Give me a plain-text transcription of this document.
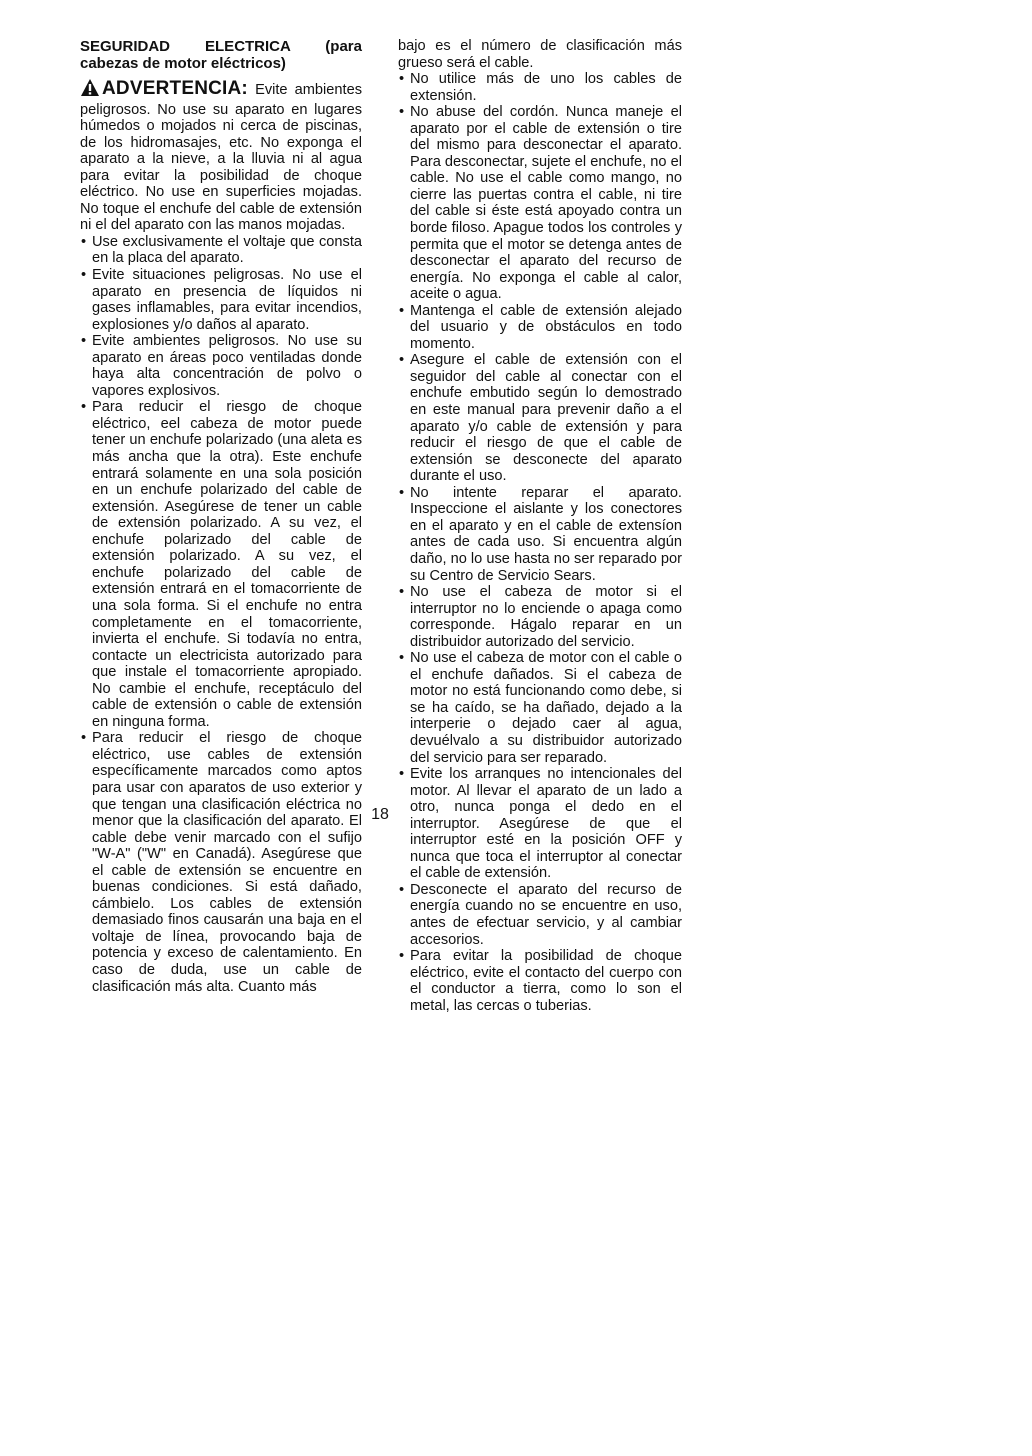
SEGURIDAD ELECTRICA (para cabezas de motor eléctricos)

ADVERTENCIA: Evite ambientes peligrosos. No use su aparato en lugares húmedos o mojados ni cerca de piscinas, de los hidromasajes, etc. No exponga el aparato a la nieve, a la lluvia ni al agua para evitar la posibilidad de choque eléctrico. No use en superficies mojadas. No toque el enchufe del cable de extensión ni el del aparato con las manos mojadas.

• Use exclusivamente el voltaje que consta en la placa del aparato.
• Evite situaciones peligrosas. No use el aparato en presencia de líquidos ni gases inflamables, para evitar incendios, explosiones y/o daños al aparato.
• Evite ambientes peligrosos. No use su aparato en áreas poco ventiladas donde haya alta concentración de polvo o vapores explosivos.
• Para reducir el riesgo de choque eléctrico, eel cabeza de motor puede tener un enchufe polarizado (una aleta es más ancha que la otra). Este enchufe entrará solamente en una sola posición en un enchufe polarizado del cable de extensión. Asegúrese de tener un cable de extensión polarizado. A su vez, el enchufe polarizado del cable de extensión polarizado. A su vez, el enchufe polarizado del cable de extensión entrará en el tomacorriente de una sola forma. Si el enchufe no entra completamente en el tomacorriente, invierta el enchufe. Si todavía no entra, contacte un electricista autorizado para que instale el tomacorriente apropiado. No cambie el enchufe, receptáculo del cable de extensión o cable de extensión en ninguna forma.
• Para reducir el riesgo de choque eléctrico, use cables de extensión específicamente marcados como aptos para usar con aparatos de uso exterior y que tengan una clasificación eléctrica no menor que la clasificación del aparato. El cable debe venir marcado con el sufijo "W-A" ("W" en Canadá). Asegúrese que el cable de extensión se encuentre en buenas condiciones. Si está dañado, cámbielo. Los cables de extensión demasiado finos causarán una baja en el voltaje de línea, provocando baja de potencia y exceso de calentamiento. En caso de duda, use un cable de clasificación más alta. Cuanto más

bajo es el número de clasificación más grueso será el cable.

• No utilice más de uno los cables de extensión.
• No abuse del cordón. Nunca maneje el aparato por el cable de extensión o tire del mismo para desconectar el aparato. Para desconectar, sujete el enchufe, no el cable. No use el cable como mango, no cierre las puertas contra el cable, ni tire del cable si éste está apoyado contra un borde filoso. Apague todos los controles y permita que el motor se detenga antes de desconectar el aparato del recurso de energía. No exponga el cable al calor, aceite o agua.
• Mantenga el cable de extensión alejado del usuario y de obstáculos en todo momento.
• Asegure el cable de extensión con el seguidor del cable al conectar con el enchufe embutido según lo demostrado en este manual para prevenir daño a el aparato y/o cable de extensión y para reducir el riesgo de que el cable de extensión se desconecte del aparato durante el uso.
• No intente reparar el aparato. Inspeccione el aislante y los conectores en el aparato y en el cable de extensíon antes de cada uso. Si encuentra algún daño, no lo use hasta no ser reparado por su Centro de Servicio Sears.
• No use el cabeza de motor si el interruptor no lo enciende o apaga como corresponde. Hágalo reparar en un distribuidor autorizado del servicio.
• No use el cabeza de motor con el cable o el enchufe dañados. Si el cabeza de motor no está funcionando como debe, si se ha caído, se ha dañado, dejado a la interperie o dejado caer al agua, devuélvalo a su distribuidor autorizado del servicio para ser reparado.
• Evite los arranques no intencionales del motor. Al llevar el aparato de un lado a otro, nunca ponga el dedo en el interruptor. Asegúrese de que el interruptor esté en la posición OFF y nunca que toca el interruptor al conectar el cable de extensión.
• Desconecte el aparato del recurso de energía cuando no se encuentre en uso, antes de efectuar servicio, y al cambiar accesorios.
• Para evitar la posibilidad de choque eléctrico, evite el contacto del cuerpo con el conductor a tierra, como lo son el metal, las cercas o tuberias.
18
